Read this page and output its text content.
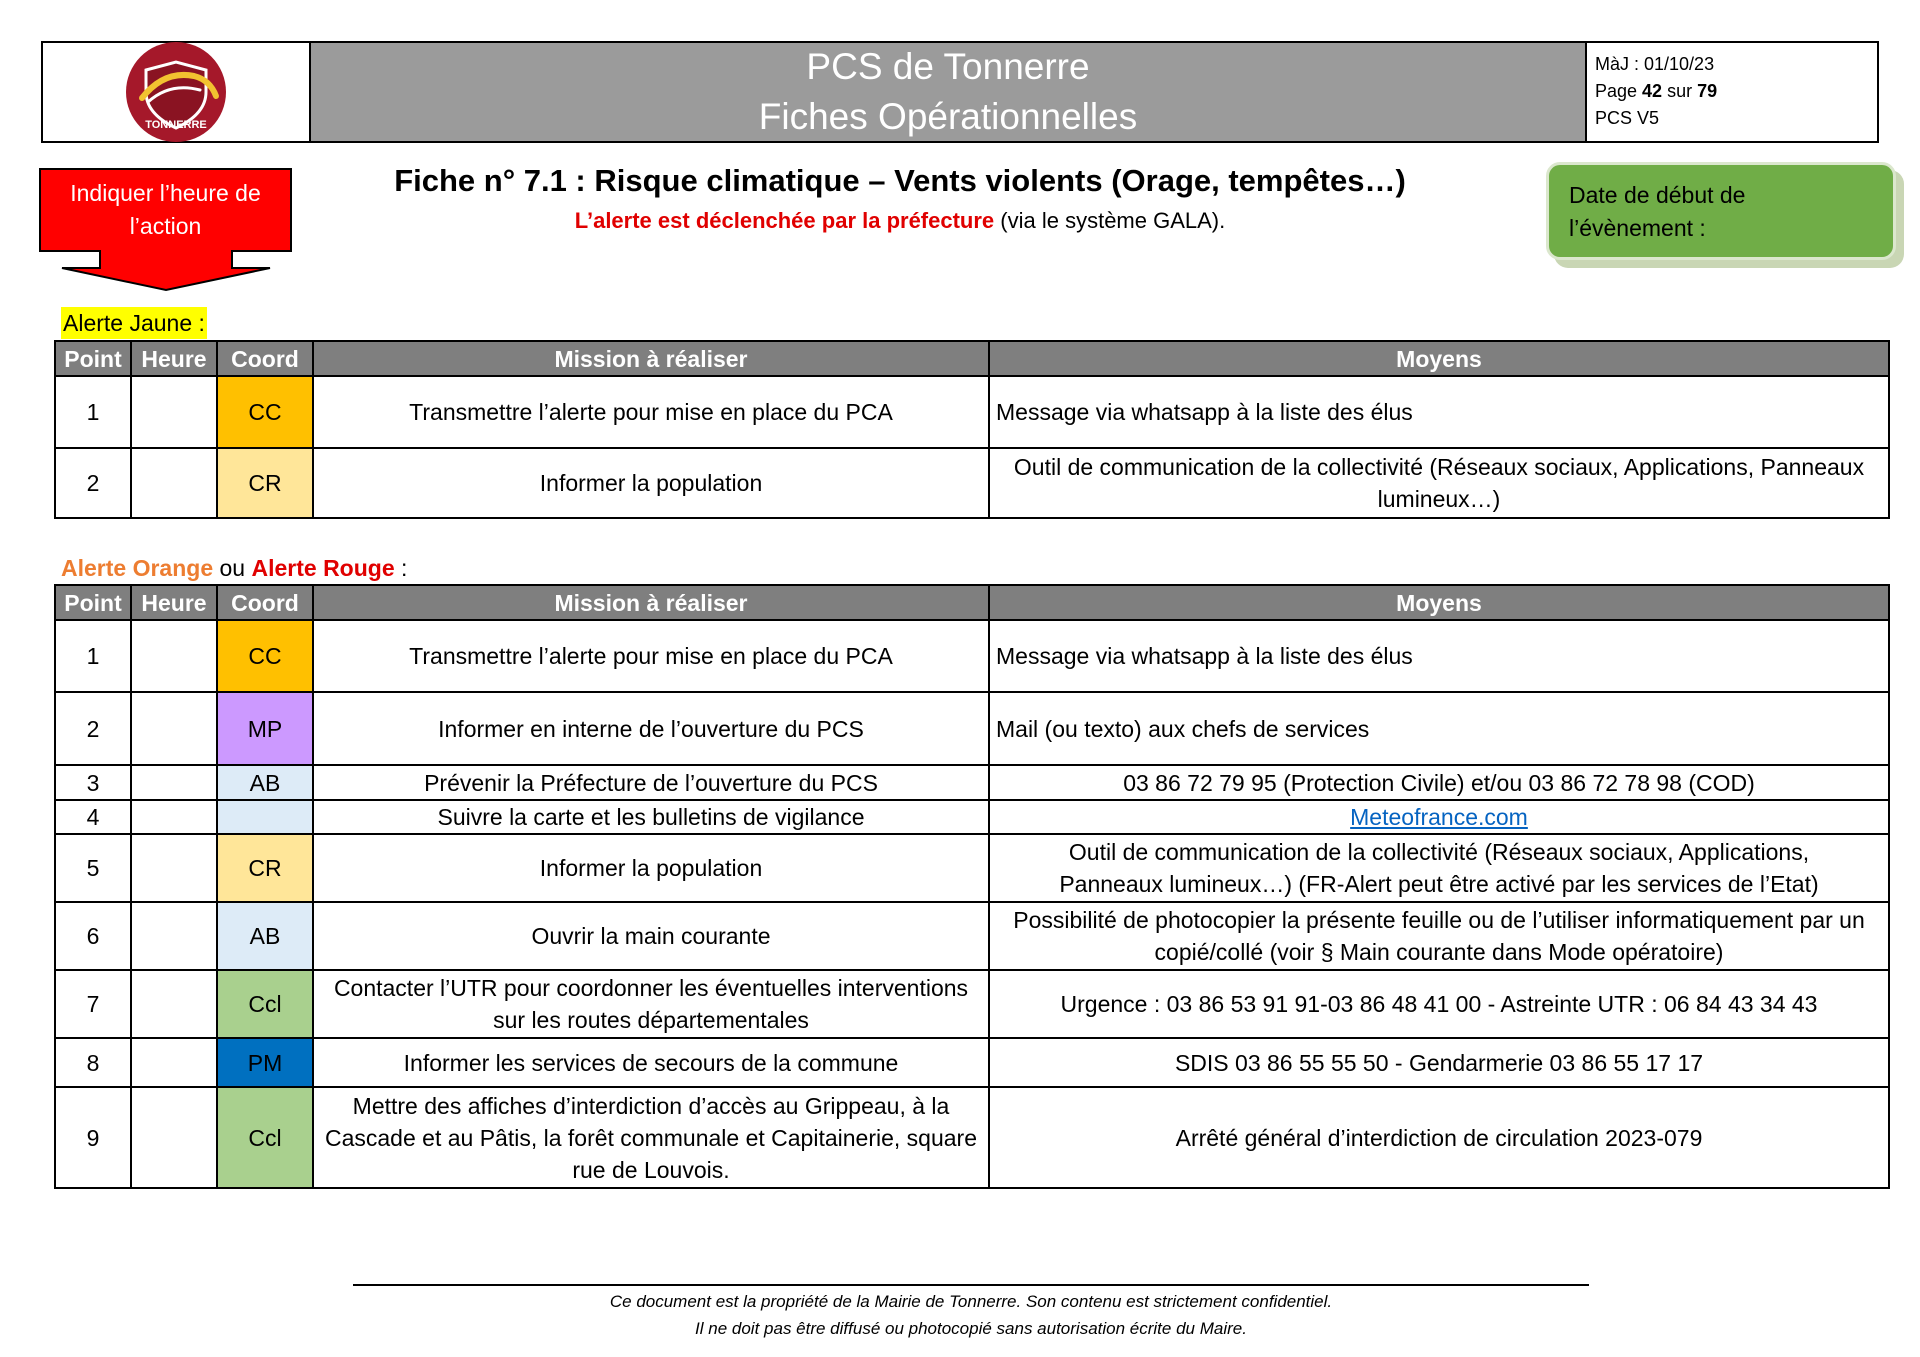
TONNERRE
PCS de Tonnerre
Fiches Opérationnelles
MàJ : 01/10/23
Page 42 sur 79
PCS V5
Indiquer l’heure de
l’action
Fiche n° 7.1 : Risque climatique – Vents violents (Orage, tempêtes…)
L’alerte est déclenchée par la préfecture (via le système GALA).
Date de début de
l’évènement :
Alerte Jaune :
Point	Heure	Coord	Mission à réaliser	Moyens
1		CC	Transmettre l’alerte pour mise en place du PCA	Message via whatsapp à la liste des élus
2		CR	Informer la population	Outil de communication de la collectivité (Réseaux sociaux, Applications, Panneaux lumineux…)
Alerte Orange ou Alerte Rouge :
Point	Heure	Coord	Mission à réaliser	Moyens
1		CC	Transmettre l’alerte pour mise en place du PCA	Message via whatsapp à la liste des élus
2		MP	Informer en interne de l’ouverture du PCS	Mail (ou texto) aux chefs de services
3		AB	Prévenir la Préfecture de l’ouverture du PCS	03 86 72 79 95 (Protection Civile) et/ou 03 86 72 78 98 (COD)
4			Suivre la carte et les bulletins de vigilance	Meteofrance.com
5		CR	Informer la population	Outil de communication de la collectivité (Réseaux sociaux, Applications,
Panneaux lumineux…) (FR-Alert peut être activé par les services de l’Etat)

6		AB	Ouvrir la main courante	Possibilité de photocopier la présente feuille ou de l’utiliser informatiquement par un copié/collé (voir § Main courante dans Mode opératoire)
7		Ccl	Contacter l’UTR pour coordonner les éventuelles interventions sur les routes départementales	Urgence : 03 86 53 91 91-03 86 48 41 00 - Astreinte UTR : 06 84 43 34 43
8		PM	Informer les services de secours de la commune	SDIS 03 86 55 55 50 - Gendarmerie 03 86 55 17 17
9		Ccl	Mettre des affiches d’interdiction d’accès au Grippeau, à la Cascade et au Pâtis, la forêt communale et Capitainerie, square rue de Louvois.	Arrêté général d’interdiction de circulation 2023-079
Ce document est la propriété de la Mairie de Tonnerre. Son contenu est strictement confidentiel.
Il ne doit pas être diffusé ou photocopié sans autorisation écrite du Maire.
